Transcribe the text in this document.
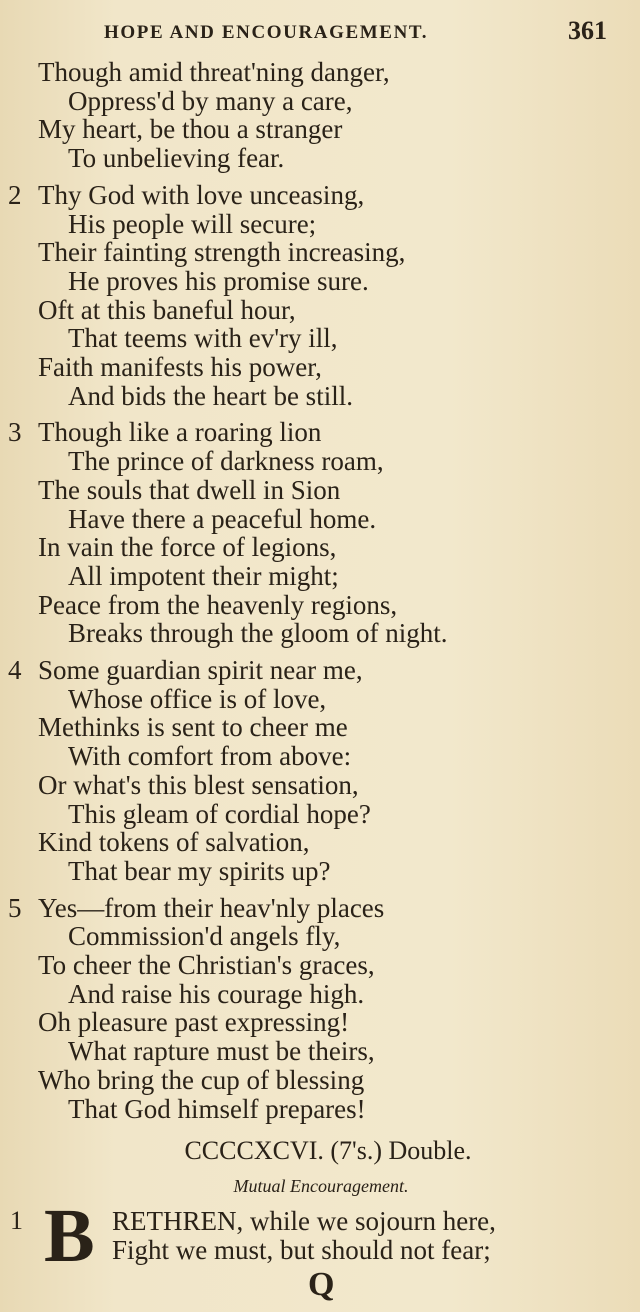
HOPE AND ENCOURAGEMENT.	361
Though amid threat'ning danger,
Oppress'd by many a care,
My heart, be thou a stranger
To unbelieving fear.
2 Thy God with love unceasing,
His people will secure;
Their fainting strength increasing,
He proves his promise sure.
Oft at this baneful hour,
That teems with ev'ry ill,
Faith manifests his power,
And bids the heart be still.
3 Though like a roaring lion
The prince of darkness roam,
The souls that dwell in Sion
Have there a peaceful home.
In vain the force of legions,
All impotent their might;
Peace from the heavenly regions,
Breaks through the gloom of night.
4 Some guardian spirit near me,
Whose office is of love,
Methinks is sent to cheer me
With comfort from above:
Or what's this blest sensation,
This gleam of cordial hope?
Kind tokens of salvation,
That bear my spirits up?
5 Yes—from their heav'nly places
Commission'd angels fly,
To cheer the Christian's graces,
And raise his courage high.
Oh pleasure past expressing!
What rapture must be theirs,
Who bring the cup of blessing
That God himself prepares!
CCCCXCVI. (7's.) Double.
Mutual Encouragement.
1 B RETHREN, while we sojourn here,
Fight we must, but should not fear;
Q
